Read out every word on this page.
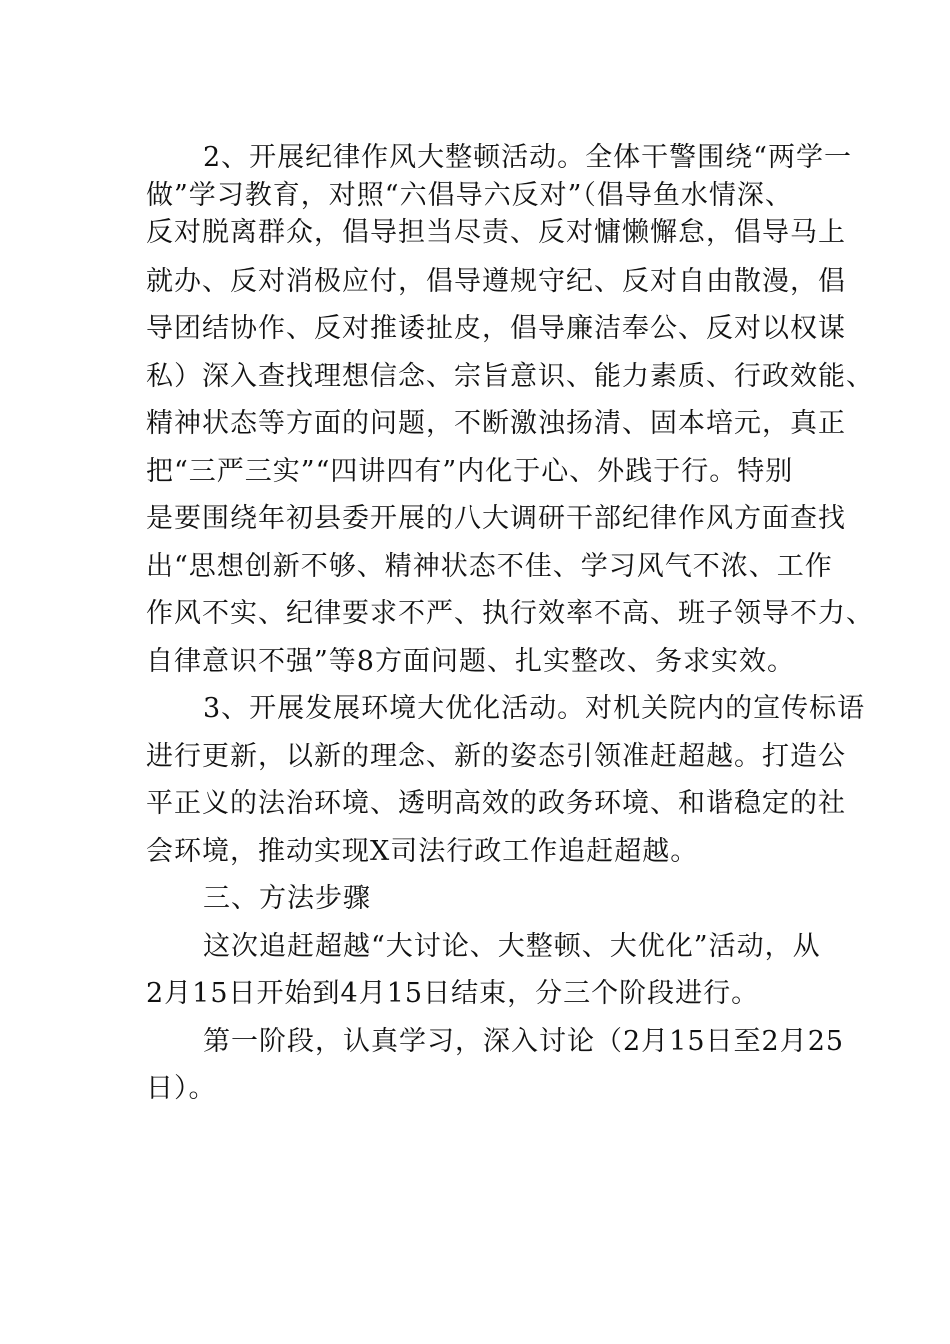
2、开展纪律作风大整顿活动。全体干警围绕“两学一
做”学习教育，对照“六倡导六反对”（倡导鱼水情深、
反对脱离群众，倡导担当尽责、反对慵懒懈怠，倡导马上
就办、反对消极应付，倡导遵规守纪、反对自由散漫，倡
导团结协作、反对推诿扯皮，倡导廉洁奉公、反对以权谋
私）深入查找理想信念、宗旨意识、能力素质、行政效能、
精神状态等方面的问题，不断激浊扬清、固本培元，真正
把“三严三实”“四讲四有”内化于心、外践于行。特别
是要围绕年初县委开展的八大调研干部纪律作风方面查找
出“思想创新不够、精神状态不佳、学习风气不浓、工作
作风不实、纪律要求不严、执行效率不高、班子领导不力、
自律意识不强”等8方面问题、扎实整改、务求实效。
3、开展发展环境大优化活动。对机关院内的宣传标语
进行更新，以新的理念、新的姿态引领准赶超越。打造公
平正义的法治环境、透明高效的政务环境、和谐稳定的社
会环境，推动实现X司法行政工作追赶超越。
三、方法步骤
这次追赶超越“大讨论、大整顿、大优化”活动，从
2月15日开始到4月15日结束，分三个阶段进行。
第一阶段，认真学习，深入讨论（2月15日至2月25
日）。
